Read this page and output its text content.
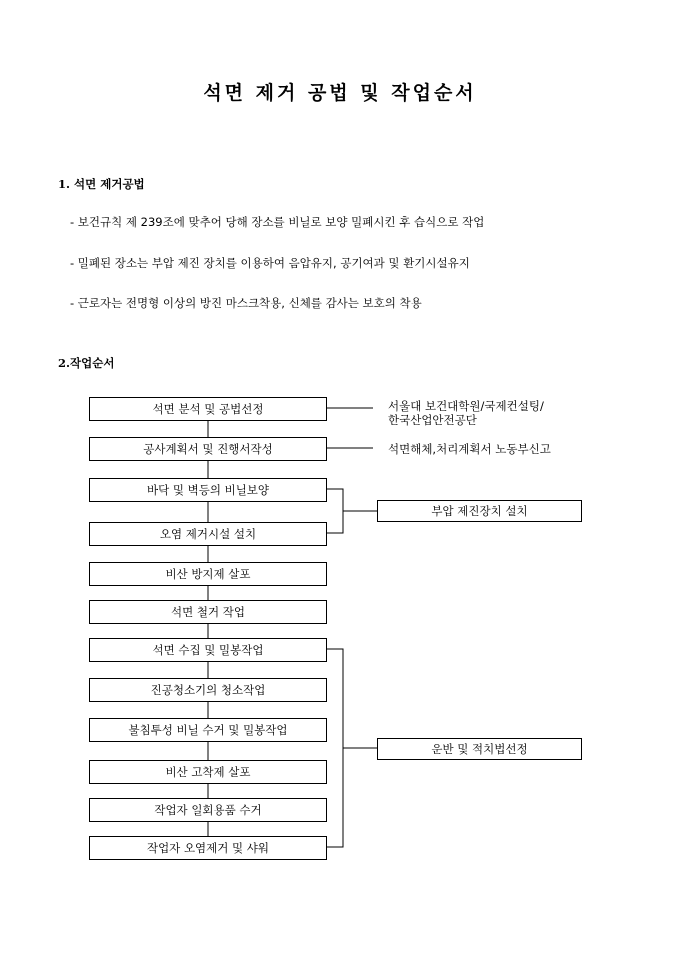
석면 제거 공법 및 작업순서
1. 석면 제거공법
- 보건규칙 제 239조에 맞추어 당해 장소를 비닐로 보양 밀폐시킨 후 습식으로 작업
- 밀폐된 장소는 부압 제진 장치를 이용하여 음압유지, 공기여과 및 환기시설유지
- 근로자는 전명형 이상의 방진 마스크착용, 신체를 감사는 보호의 착용
2.작업순서
석면 분석 및 공법선정
공사계획서 및 진행서작성
바닥 및 벽등의 비닐보양
오염 제거시설 설치
비산 방지제 살포
석면 철거 작업
석면 수집 및 밀봉작업
진공청소기의 청소작업
불침투성 비닐 수거 및 밀봉작업
비산 고착제 살포
작업자 일회용품 수거
작업자 오염제거 및 샤워
서울대 보건대학원/국제컨설팅/
한국산업안전공단
석면해체,처리계획서 노동부신고
부압 제진장치 설치
운반 및 적치법선정
